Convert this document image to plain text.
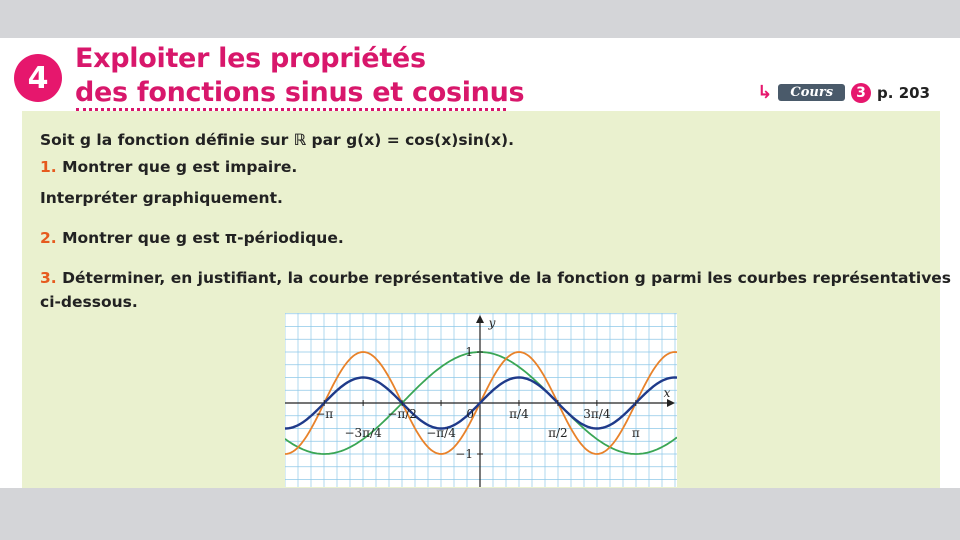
4
Exploiter les propriétés
des fonctions sinus et cosinus	↳	Cours	3 p. 203
Soit g la fonction définie sur ℝ par g(x) = cos(x)sin(x).
1. Montrer que g est impaire.
Interpréter graphiquement.
2. Montrer que g est π-périodique.
3. Déterminer, en justifiant, la courbe représentative de la fonction g parmi les courbes représentatives
ci-dessous.
−π
−3π/4
−π/2
−π/4
π/4
π/2
3π/4
π
1
−1
0
x
y
